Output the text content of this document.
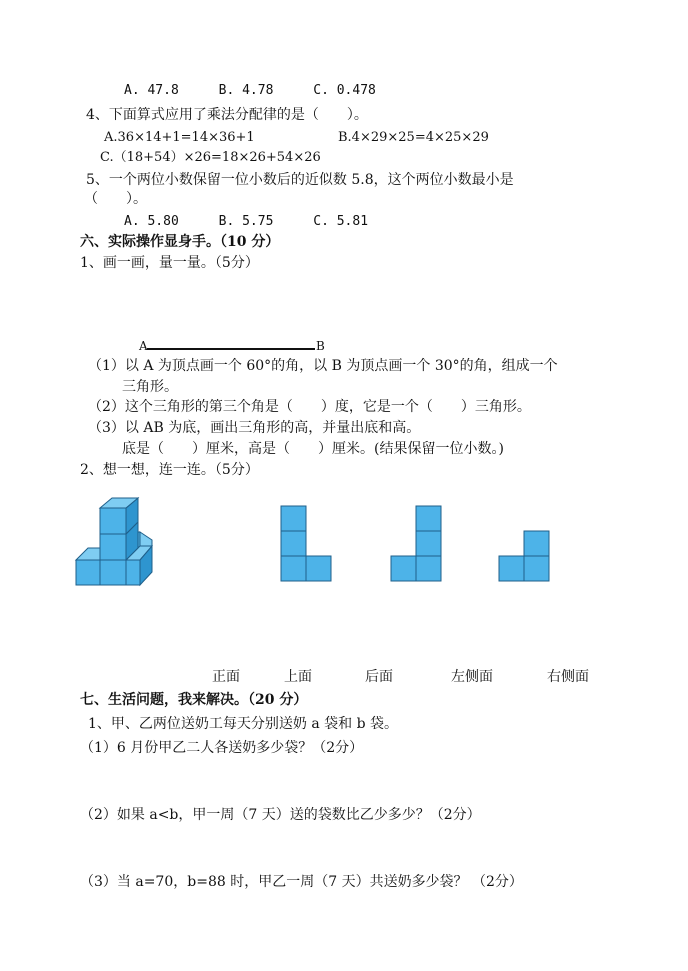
A. 47.8	B. 4.78	C. 0.478
4、下面算式应用了乘法分配律的是（　　）。
A.36×14+1=14×36+1	B.4×29×25=4×25×29
C.（18+54）×26=18×26+54×26
5、一个两位小数保留一位小数后的近似数 5.8，这个两位小数最小是
（　　）。
A. 5.80	B. 5.75	C. 5.81
六、实际操作显身手。（10 分）
1、画一画，量一量。（5分）
A	B
（1）以 A 为顶点画一个 60°的角，以 B 为顶点画一个 30°的角，组成一个
三角形。
（2）这个三角形的第三个角是（　　）度，它是一个（　　）三角形。
（3）以 AB 为底，画出三角形的高，并量出底和高。
底是（　　）厘米，高是（　　）厘米。(结果保留一位小数。)
2、想一想，连一连。（5分）
正面	上面	后面	左侧面	右侧面
七、生活问题，我来解决。（20 分）
1、甲、乙两位送奶工每天分别送奶 a 袋和 b 袋。
（1）6 月份甲乙二人各送奶多少袋？（2分）
（2）如果 a<b，甲一周（7 天）送的袋数比乙少多少？（2分）
（3）当 a=70，b=88 时，甲乙一周（7 天）共送奶多少袋？ （2分）
